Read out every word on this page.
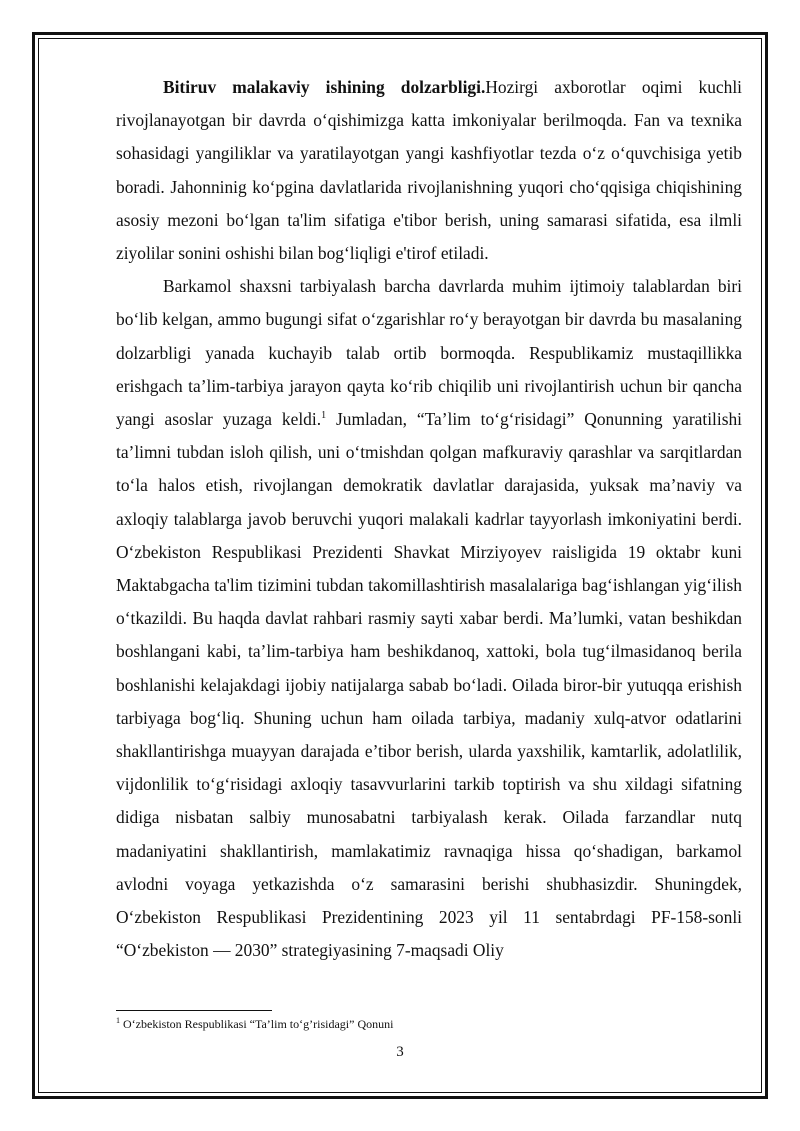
Bitiruv malakaviy ishining dolzarbligi.Hozirgi axborotlar oqimi kuchli rivojlanayotgan bir davrda o‘qishimizga katta imkoniyalar berilmoqda. Fan va texnika sohasidagi yangiliklar va yaratilayotgan yangi kashfiyotlar tezda o‘z o‘quvchisiga yetib boradi. Jahonninig ko‘pgina davlatlarida rivojlanishning yuqori cho‘qqisiga chiqishining asosiy mezoni bo‘lgan ta'lim sifatiga e'tibor berish, uning samarasi sifatida, esa ilmli ziyolilar sonini oshishi bilan bog‘liqligi e'tirof etiladi.

Barkamol shaxsni tarbiyalash barcha davrlarda muhim ijtimoiy talablardan biri bo‘lib kelgan, ammo bugungi sifat o‘zgarishlar ro‘y berayotgan bir davrda bu masalaning dolzarbligi yanada kuchayib talab ortib bormoqda. Respublikamiz mustaqillikka erishgach ta’lim-tarbiya jarayon qayta ko‘rib chiqilib uni rivojlantirish uchun bir qancha yangi asoslar yuzaga keldi.$^1$ Jumladan, “Ta’lim to‘g‘risidagi” Qonunning yaratilishi ta’limni tubdan isloh qilish, uni o‘tmishdan qolgan mafkuraviy qarashlar va sarqitlardan to‘la halos etish, rivojlangan demokratik davlatlar darajasida, yuksak ma’naviy va axloqiy talablarga javob beruvchi yuqori malakali kadrlar tayyorlash imkoniyatini berdi. O‘zbekiston Respublikasi Prezidenti Shavkat Mirziyoyev raisligida 19 oktabr kuni Maktabgacha ta'lim tizimini tubdan takomillashtirish masalalariga bag‘ishlangan yig‘ilish o‘tkazildi. Bu haqda davlat rahbari rasmiy sayti xabar berdi. Ma’lumki, vatan beshikdan boshlangani kabi, ta’lim-tarbiya ham beshikdanoq, xattoki, bola tug‘ilmasidanoq berila boshlanishi kelajakdagi ijobiy natijalarga sabab bo‘ladi. Oilada biror-bir yutuqqa erishish tarbiyaga bog‘liq. Shuning uchun ham oilada tarbiya, madaniy xulq-atvor odatlarini shakllantirishga muayyan darajada e’tibor berish, ularda yaxshilik, kamtarlik, adolatlilik, vijdonlilik to‘g‘risidagi axloqiy tasavvurlarini tarkib toptirish va shu xildagi sifatning didiga nisbatan salbiy munosabatni tarbiyalash kerak. Oilada farzandlar nutq madaniyatini shakllantirish, mamlakatimiz ravnaqiga hissa qo‘shadigan, barkamol avlodni voyaga yetkazishda o‘z samarasini berishi shubhasizdir. Shuningdek, O‘zbekiston Respublikasi Prezidentining 2023 yil 11 sentabrdagi PF-158-sonli “O‘zbekiston — 2030” strategiyasining 7-maqsadi Oliy

$^1$ O‘zbekiston Respublikasi “Ta’lim to‘g’risidagi” Qonuni
3
